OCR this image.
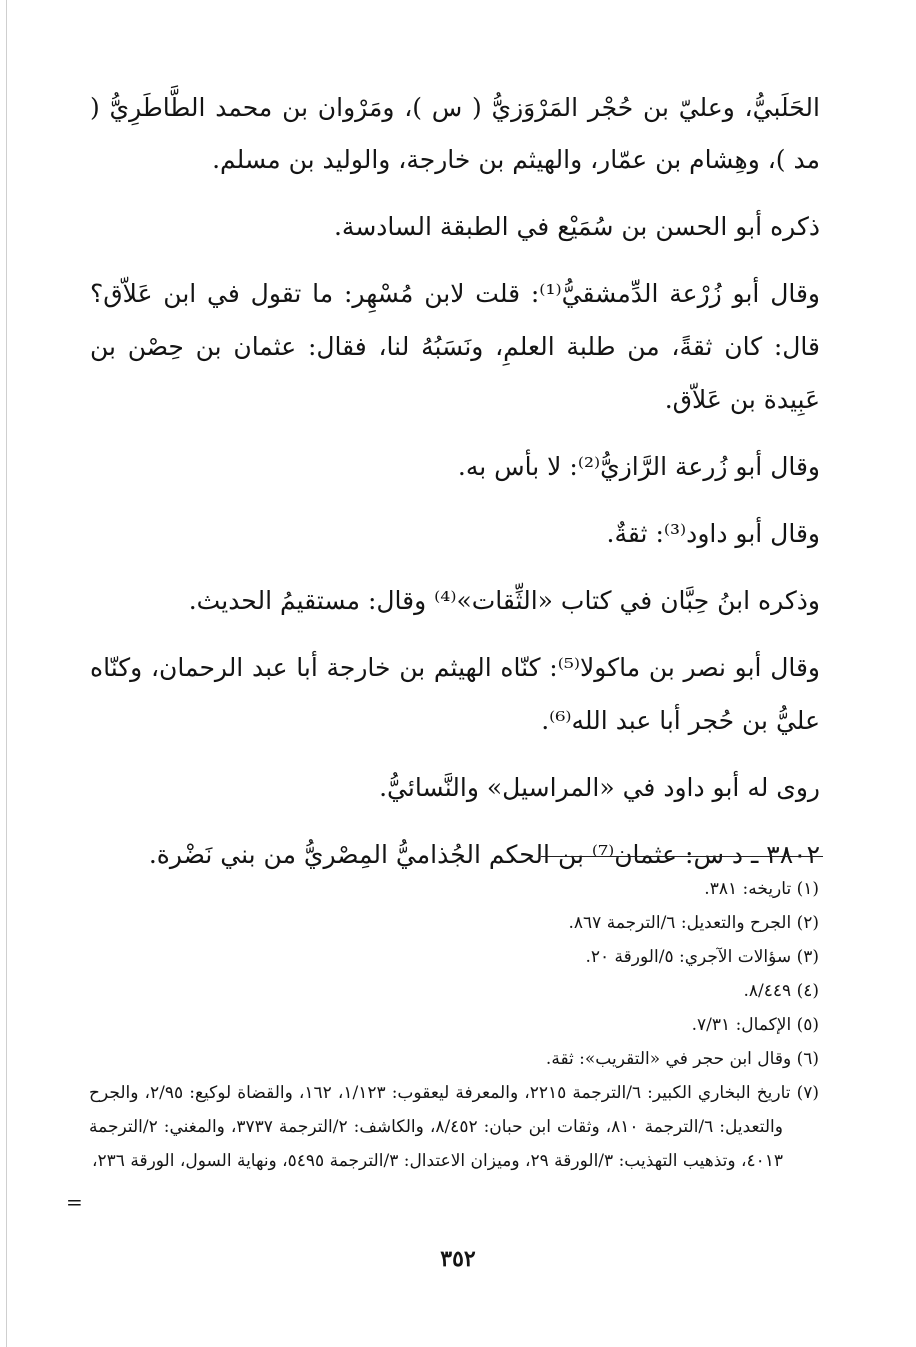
الحَلَبيُّ، وعليّ بن حُجْر المَرْوَزيُّ ( س )، ومَرْوان بن محمد الطَّاطَرِيُّ ( مد )، وهِشام بن عمّار، والهيثم بن خارجة، والوليد بن مسلم.

ذكره أبو الحسن بن سُمَيْع في الطبقة السادسة.

وقال أبو زُرْعة الدِّمشقيُّ⁽¹⁾: قلت لابن مُسْهِر: ما تقول في ابن عَلاّق؟ قال: كان ثقةً، من طلبة العلمِ، ونَسَبُهُ لنا، فقال: عثمان بن حِصْن بن عَبِيدة بن عَلاّق.

وقال أبو زُرعة الرَّازيُّ⁽²⁾: لا بأس به.

وقال أبو داود⁽³⁾: ثقةٌ.

وذكره ابنُ حِبَّان في كتاب «الثِّقات»⁽⁴⁾ وقال: مستقيمُ الحديث.

وقال أبو نصر بن ماكولا⁽⁵⁾: كنّاه الهيثم بن خارجة أبا عبد الرحمان، وكنّاه عليُّ بن حُجر أبا عبد الله⁽⁶⁾.

روى له أبو داود في «المراسيل» والنَّسائيُّ.

٣٨٠٢ ـ د س: عثمان⁽⁷⁾ بن الحكم الجُذاميُّ المِصْريُّ من بني نَضْرة.

(١) تاريخه: ٣٨١.

(٢) الجرح والتعديل: ٦/الترجمة ٨٦٧.

(٣) سؤالات الآجري: ٥/الورقة ٢٠.

(٤) ٨/٤٤٩.

(٥) الإكمال: ٧/٣١.

(٦) وقال ابن حجر في «التقريب»: ثقة.

(٧) تاريخ البخاري الكبير: ٦/الترجمة ٢٢١٥، والمعرفة ليعقوب: ١/١٢٣، ١٦٢، والقضاة لوكيع: ٢/٩٥، والجرح والتعديل: ٦/الترجمة ٨١٠، وثقات ابن حبان: ٨/٤٥٢، والكاشف: ٢/الترجمة ٣٧٣٧، والمغني: ٢/الترجمة ٤٠١٣، وتذهيب التهذيب: ٣/الورقة ٢٩، وميزان الاعتدال: ٣/الترجمة ٥٤٩٥، ونهاية السول، الورقة ٢٣٦،

=
٣٥٢
